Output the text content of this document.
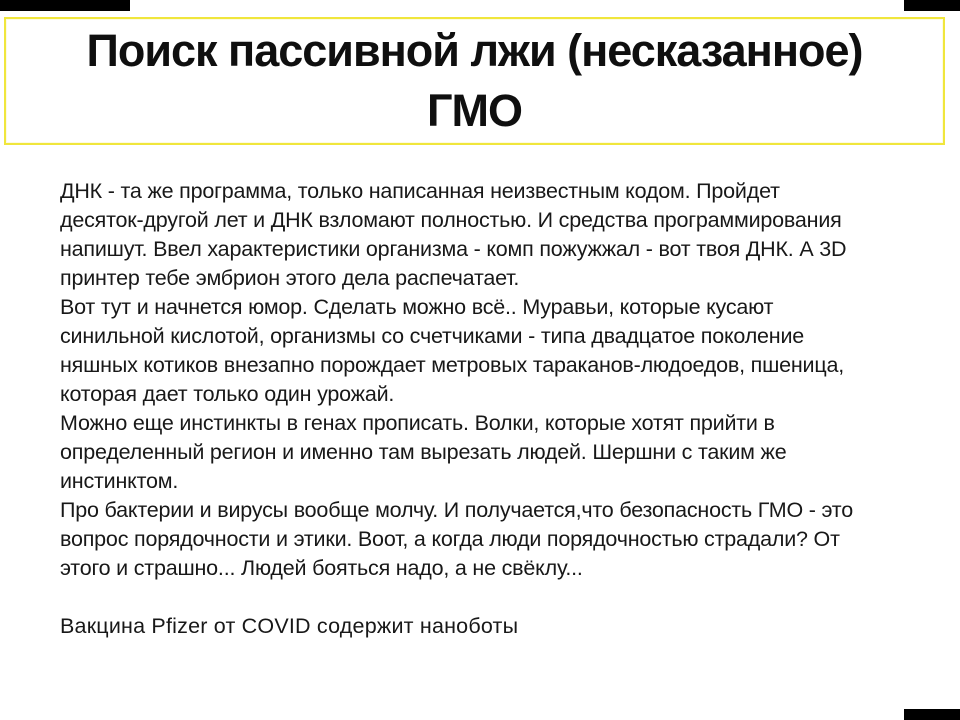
Поиск пассивной лжи (несказанное)
ГМО
ДНК - та же программа, только написанная неизвестным кодом. Пройдет
десяток-другой лет и ДНК взломают полностью. И средства программирования
напишут. Ввел характеристики организма - комп пожужжал - вот твоя ДНК. А 3D
принтер тебе эмбрион этого дела распечатает.
Вот тут и начнется юмор. Сделать можно всё.. Муравьи, которые кусают
синильной кислотой, организмы со счетчиками - типа двадцатое поколение
няшных котиков внезапно порождает метровых тараканов-людоедов, пшеница,
которая дает только один урожай.
Можно еще инстинкты в генах прописать. Волки, которые хотят прийти в
определенный регион и именно там вырезать людей. Шершни с таким же
инстинктом.
Про бактерии и вирусы вообще молчу. И получается,что безопасность ГМО - это
вопрос порядочности и этики. Воот, а когда люди порядочностью страдали? От
этого и страшно... Людей бояться надо, а не свёклу...
Вакцина Pfizer от COVID содержит наноботы
